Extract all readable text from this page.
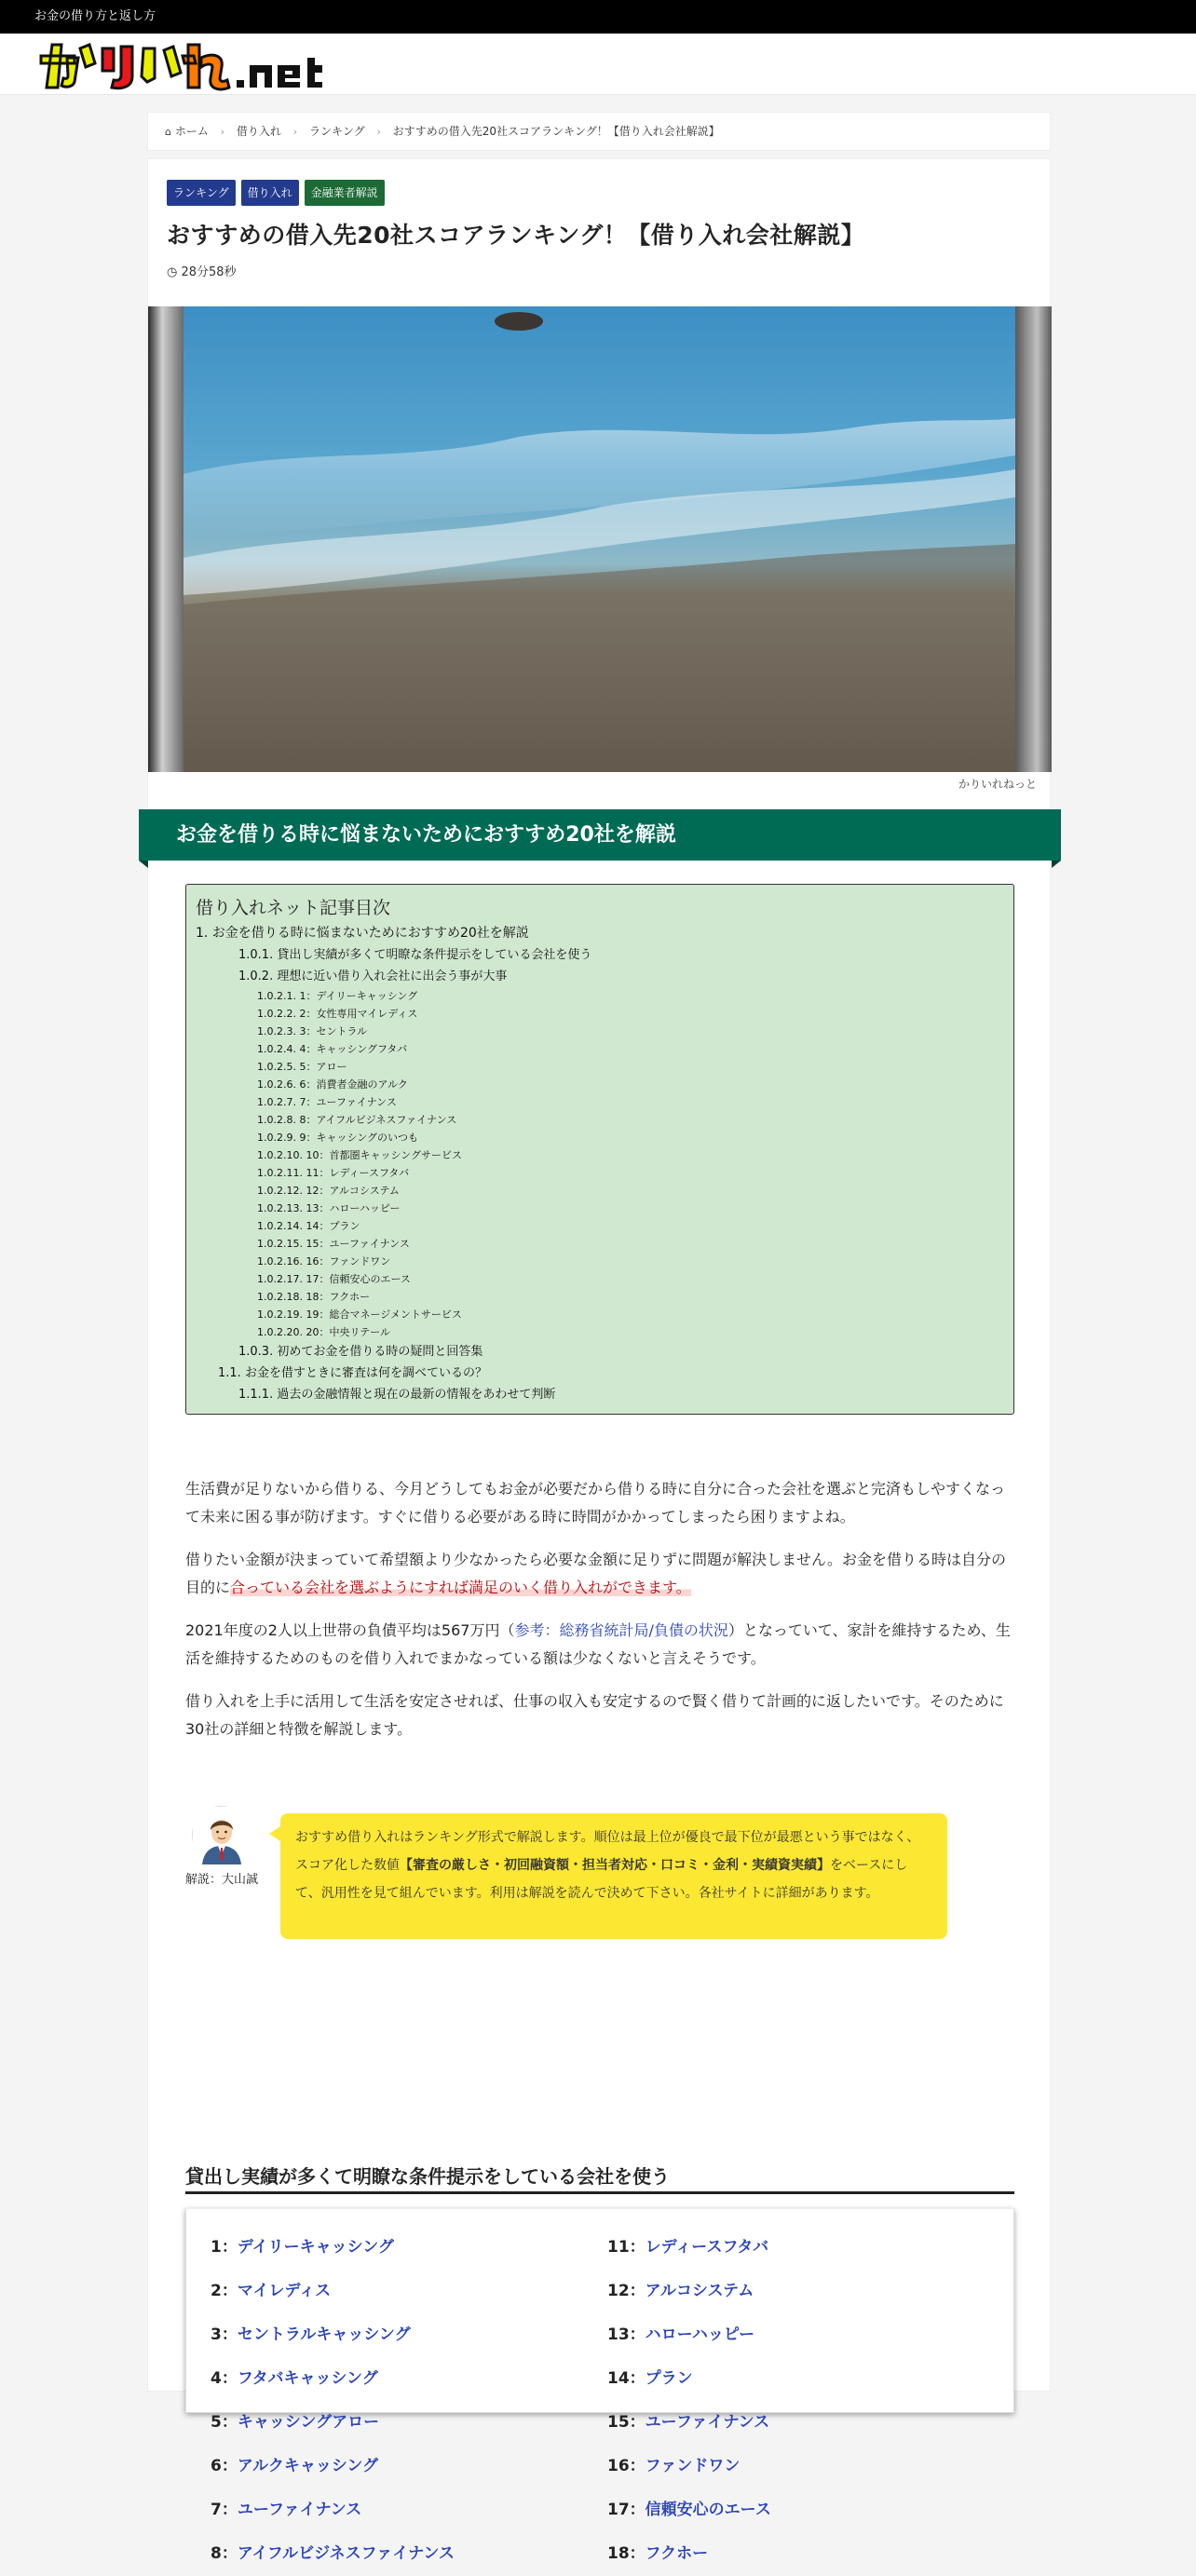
お金の借り方と返し方
⌂ ホーム › 借り入れ › ランキング › おすすめの借入先20社スコアランキング！【借り入れ会社解説】
ランキング	借り入れ	金融業者解説
おすすめの借入先20社スコアランキング！【借り入れ会社解説】
◷ 28分58秒
かりいれねっと
お金を借りる時に悩まないためにおすすめ20社を解説
借り入れネット記事目次
1. お金を借りる時に悩まないためにおすすめ20社を解説
1.0.1. 貸出し実績が多くて明瞭な条件提示をしている会社を使う
1.0.2. 理想に近い借り入れ会社に出会う事が大事
1.0.2.1. 1：デイリーキャッシング
1.0.2.2. 2：女性専用マイレディス
1.0.2.3. 3：セントラル
1.0.2.4. 4：キャッシングフタバ
1.0.2.5. 5：アロー
1.0.2.6. 6：消費者金融のアルク
1.0.2.7. 7：ユーファイナンス
1.0.2.8. 8：アイフルビジネスファイナンス
1.0.2.9. 9：キャッシングのいつも
1.0.2.10. 10：首都圏キャッシングサービス
1.0.2.11. 11：レディースフタバ
1.0.2.12. 12：アルコシステム
1.0.2.13. 13：ハローハッピー
1.0.2.14. 14：プラン
1.0.2.15. 15：ユーファイナンス
1.0.2.16. 16：ファンドワン
1.0.2.17. 17：信頼安心のエース
1.0.2.18. 18：フクホー
1.0.2.19. 19：総合マネージメントサービス
1.0.2.20. 20：中央リテール
1.0.3. 初めてお金を借りる時の疑問と回答集
1.1. お金を借すときに審査は何を調べているの？
1.1.1. 過去の金融情報と現在の最新の情報をあわせて判断

生活費が足りないから借りる、今月どうしてもお金が必要だから借りる時に自分に合った会社を選ぶと完済もしやすくなって未来に困る事が防げます。すぐに借りる必要がある時に時間がかかってしまったら困りますよね。

借りたい金額が決まっていて希望額より少なかったら必要な金額に足りずに問題が解決しません。お金を借りる時は自分の目的に合っている会社を選ぶようにすれば満足のいく借り入れができます。

2021年度の2人以上世帯の負債平均は567万円（参考：総務省統計局/負債の状況）となっていて、家計を維持するため、生活を維持するためのものを借り入れでまかなっている額は少なくないと言えそうです。

借り入れを上手に活用して生活を安定させれば、仕事の収入も安定するので賢く借りて計画的に返したいです。そのために30社の詳細と特徴を解説します。

解説：大山誠
おすすめ借り入れはランキング形式で解説します。順位は最上位が優良で最下位が最悪という事ではなく、スコア化した数値【審査の厳しさ・初回融資額・担当者対応・口コミ・金利・実績資実績】をベースにして、汎用性を見て組んでいます。利用は解説を読んで決めて下さい。各社サイトに詳細があります。
貸出し実績が多くて明瞭な条件提示をしている会社を使う
1：デイリーキャッシング
2：マイレディス
3：セントラルキャッシング
4：フタバキャッシング
5：キャッシングアロー
6：アルクキャッシング
7：ユーファイナンス
8：アイフルビジネスファイナンス
11：レディースフタバ
12：アルコシステム
13：ハローハッピー
14：プラン
15：ユーファイナンス
16：ファンドワン
17：信頼安心のエース
18：フクホー
